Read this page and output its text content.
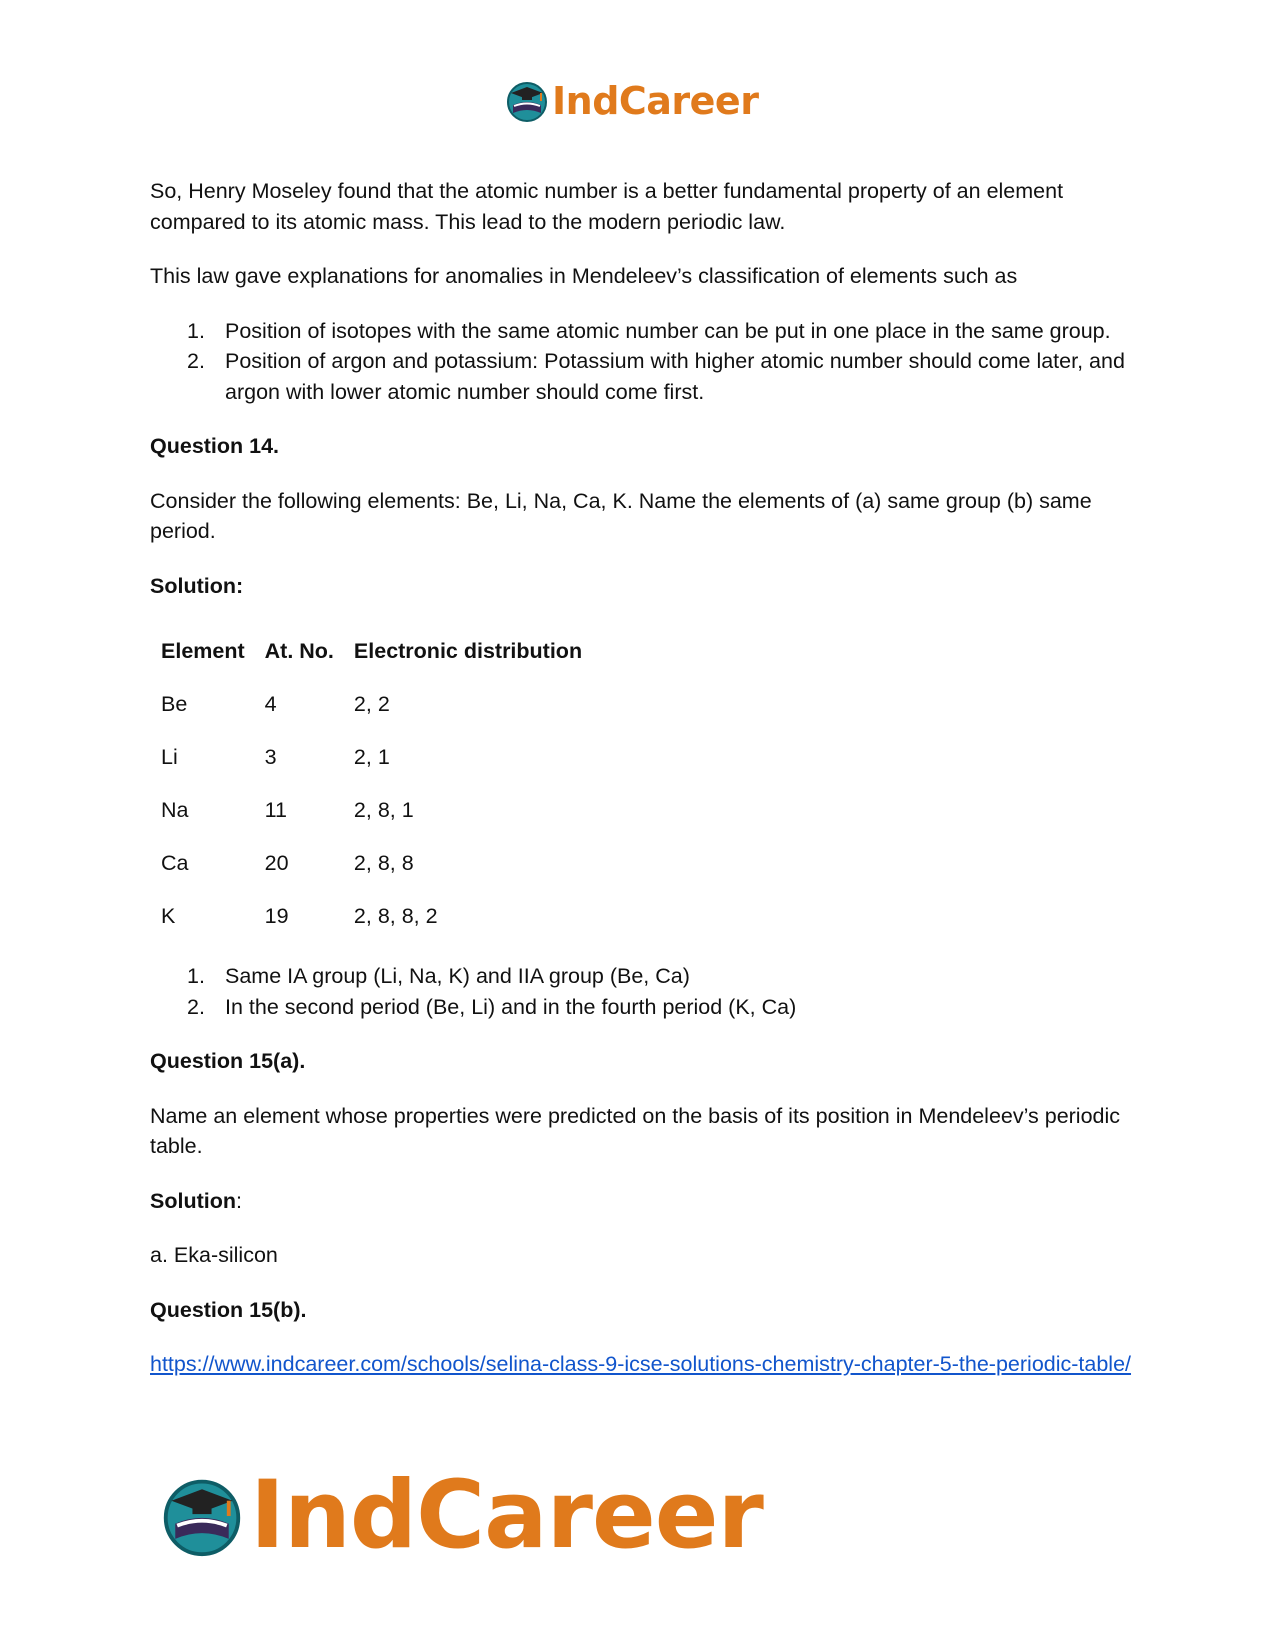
IndCareer

So, Henry Moseley found that the atomic number is a better fundamental property of an element compared to its atomic mass. This lead to the modern periodic law.

This law gave explanations for anomalies in Mendeleev’s classification of elements such as

1. Position of isotopes with the same atomic number can be put in one place in the same group.
2. Position of argon and potassium: Potassium with higher atomic number should come later, and argon with lower atomic number should come first.

Question 14.

Consider the following elements: Be, Li, Na, Ca, K. Name the elements of (a) same group (b) same period.

Solution:

Element	At. No.	Electronic distribution
Be	4	2, 2
Li	3	2, 1
Na	11	2, 8, 1
Ca	20	2, 8, 8
K	19	2, 8, 8, 2
1. Same IA group (Li, Na, K) and IIA group (Be, Ca)
2. In the second period (Be, Li) and in the fourth period (K, Ca)

Question 15(a).

Name an element whose properties were predicted on the basis of its position in Mendeleev’s periodic table.

Solution:

a. Eka-silicon

Question 15(b).

https://www.indcareer.com/schools/selina-class-9-icse-solutions-chemistry-chapter-5-the-periodic-table/

IndCareer
